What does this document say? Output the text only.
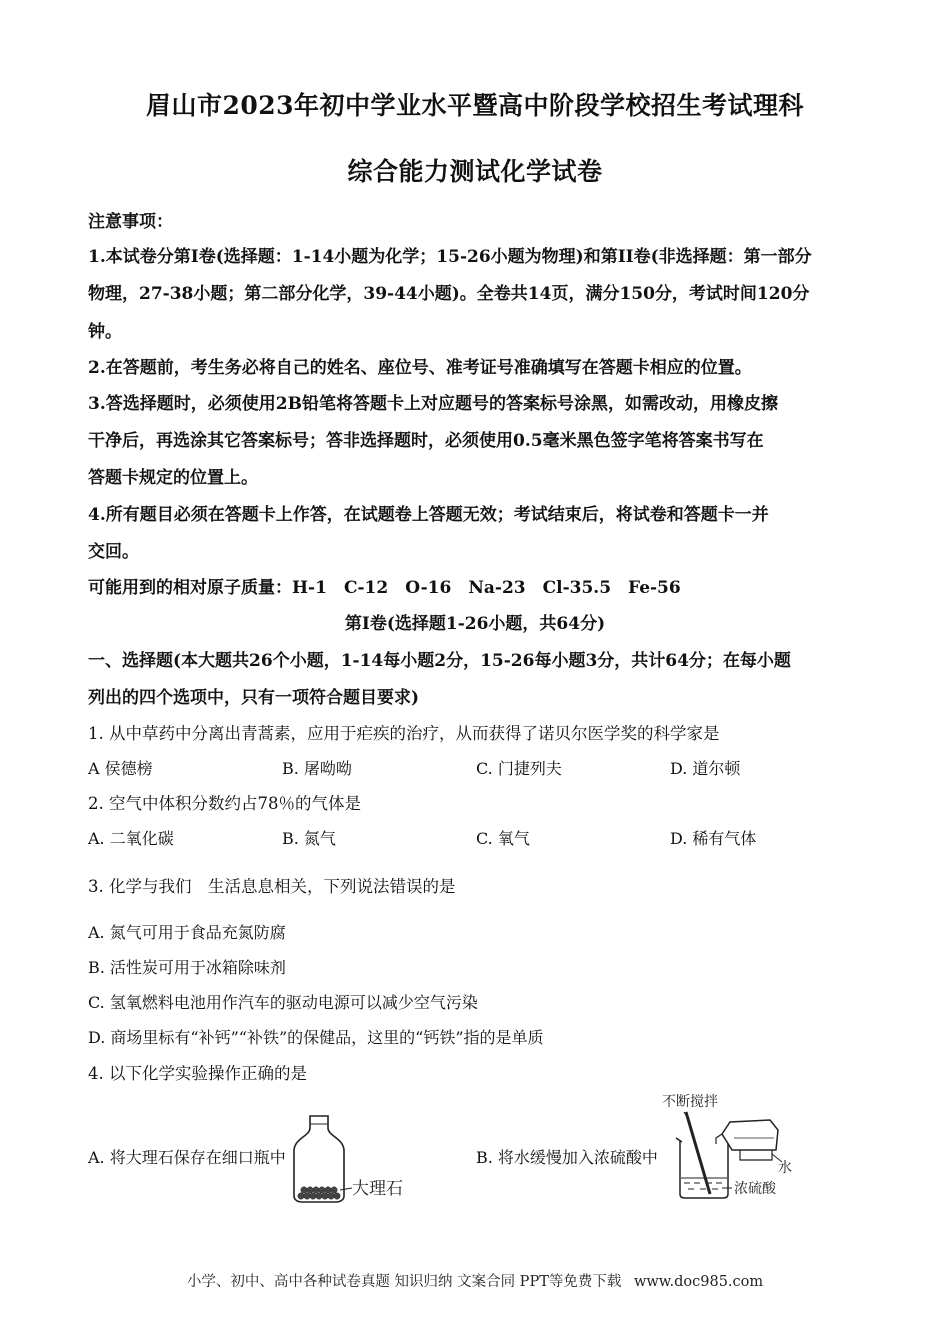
眉山市2023年初中学业水平暨高中阶段学校招生考试理科
综合能力测试化学试卷
注意事项：
1.本试卷分第I卷(选择题：1-14小题为化学；15-26小题为物理)和第II卷(非选择题：第一部分
物理，27-38小题；第二部分化学，39-44小题)。全卷共14页，满分150分，考试时间120分
钟。
2.在答题前，考生务必将自己的姓名、座位号、准考证号准确填写在答题卡相应的位置。
3.答选择题时，必须使用2B铅笔将答题卡上对应题号的答案标号涂黑，如需改动，用橡皮擦
干净后，再选涂其它答案标号；答非选择题时，必须使用0.5毫米黑色签字笔将答案书写在
答题卡规定的位置上。
4.所有题目必须在答题卡上作答，在试题卷上答题无效；考试结束后，将试卷和答题卡一并
交回。
可能用到的相对原子质量：H-1　C-12　O-16　Na-23　Cl-35.5　Fe-56
第I卷(选择题1-26小题，共64分)
一、选择题(本大题共26个小题，1-14每小题2分，15-26每小题3分，共计64分；在每小题
列出的四个选项中，只有一项符合题目要求)
1. 从中草药中分离出青蒿素，应用于疟疾的治疗，从而获得了诺贝尔医学奖的科学家是
A 侯德榜	B. 屠呦呦	C. 门捷列夫	D. 道尔顿
2. 空气中体积分数约占78％的气体是
A. 二氧化碳	B. 氮气	C. 氧气	D. 稀有气体
3. 化学与我们　生活息息相关，下列说法错误的是
A. 氮气可用于食品充氮防腐
B. 活性炭可用于冰箱除味剂
C. 氢氧燃料电池用作汽车的驱动电源可以减少空气污染
D. 商场里标有“补钙”“补铁”的保健品，这里的“钙铁”指的是单质
4. 以下化学实验操作正确的是
A. 将大理石保存在细口瓶中	B. 将水缓慢加入浓硫酸中
大理石
不断搅拌
水
浓硫酸
小学、初中、高中各种试卷真题 知识归纳 文案合同 PPT等免费下载 www.doc985.com
